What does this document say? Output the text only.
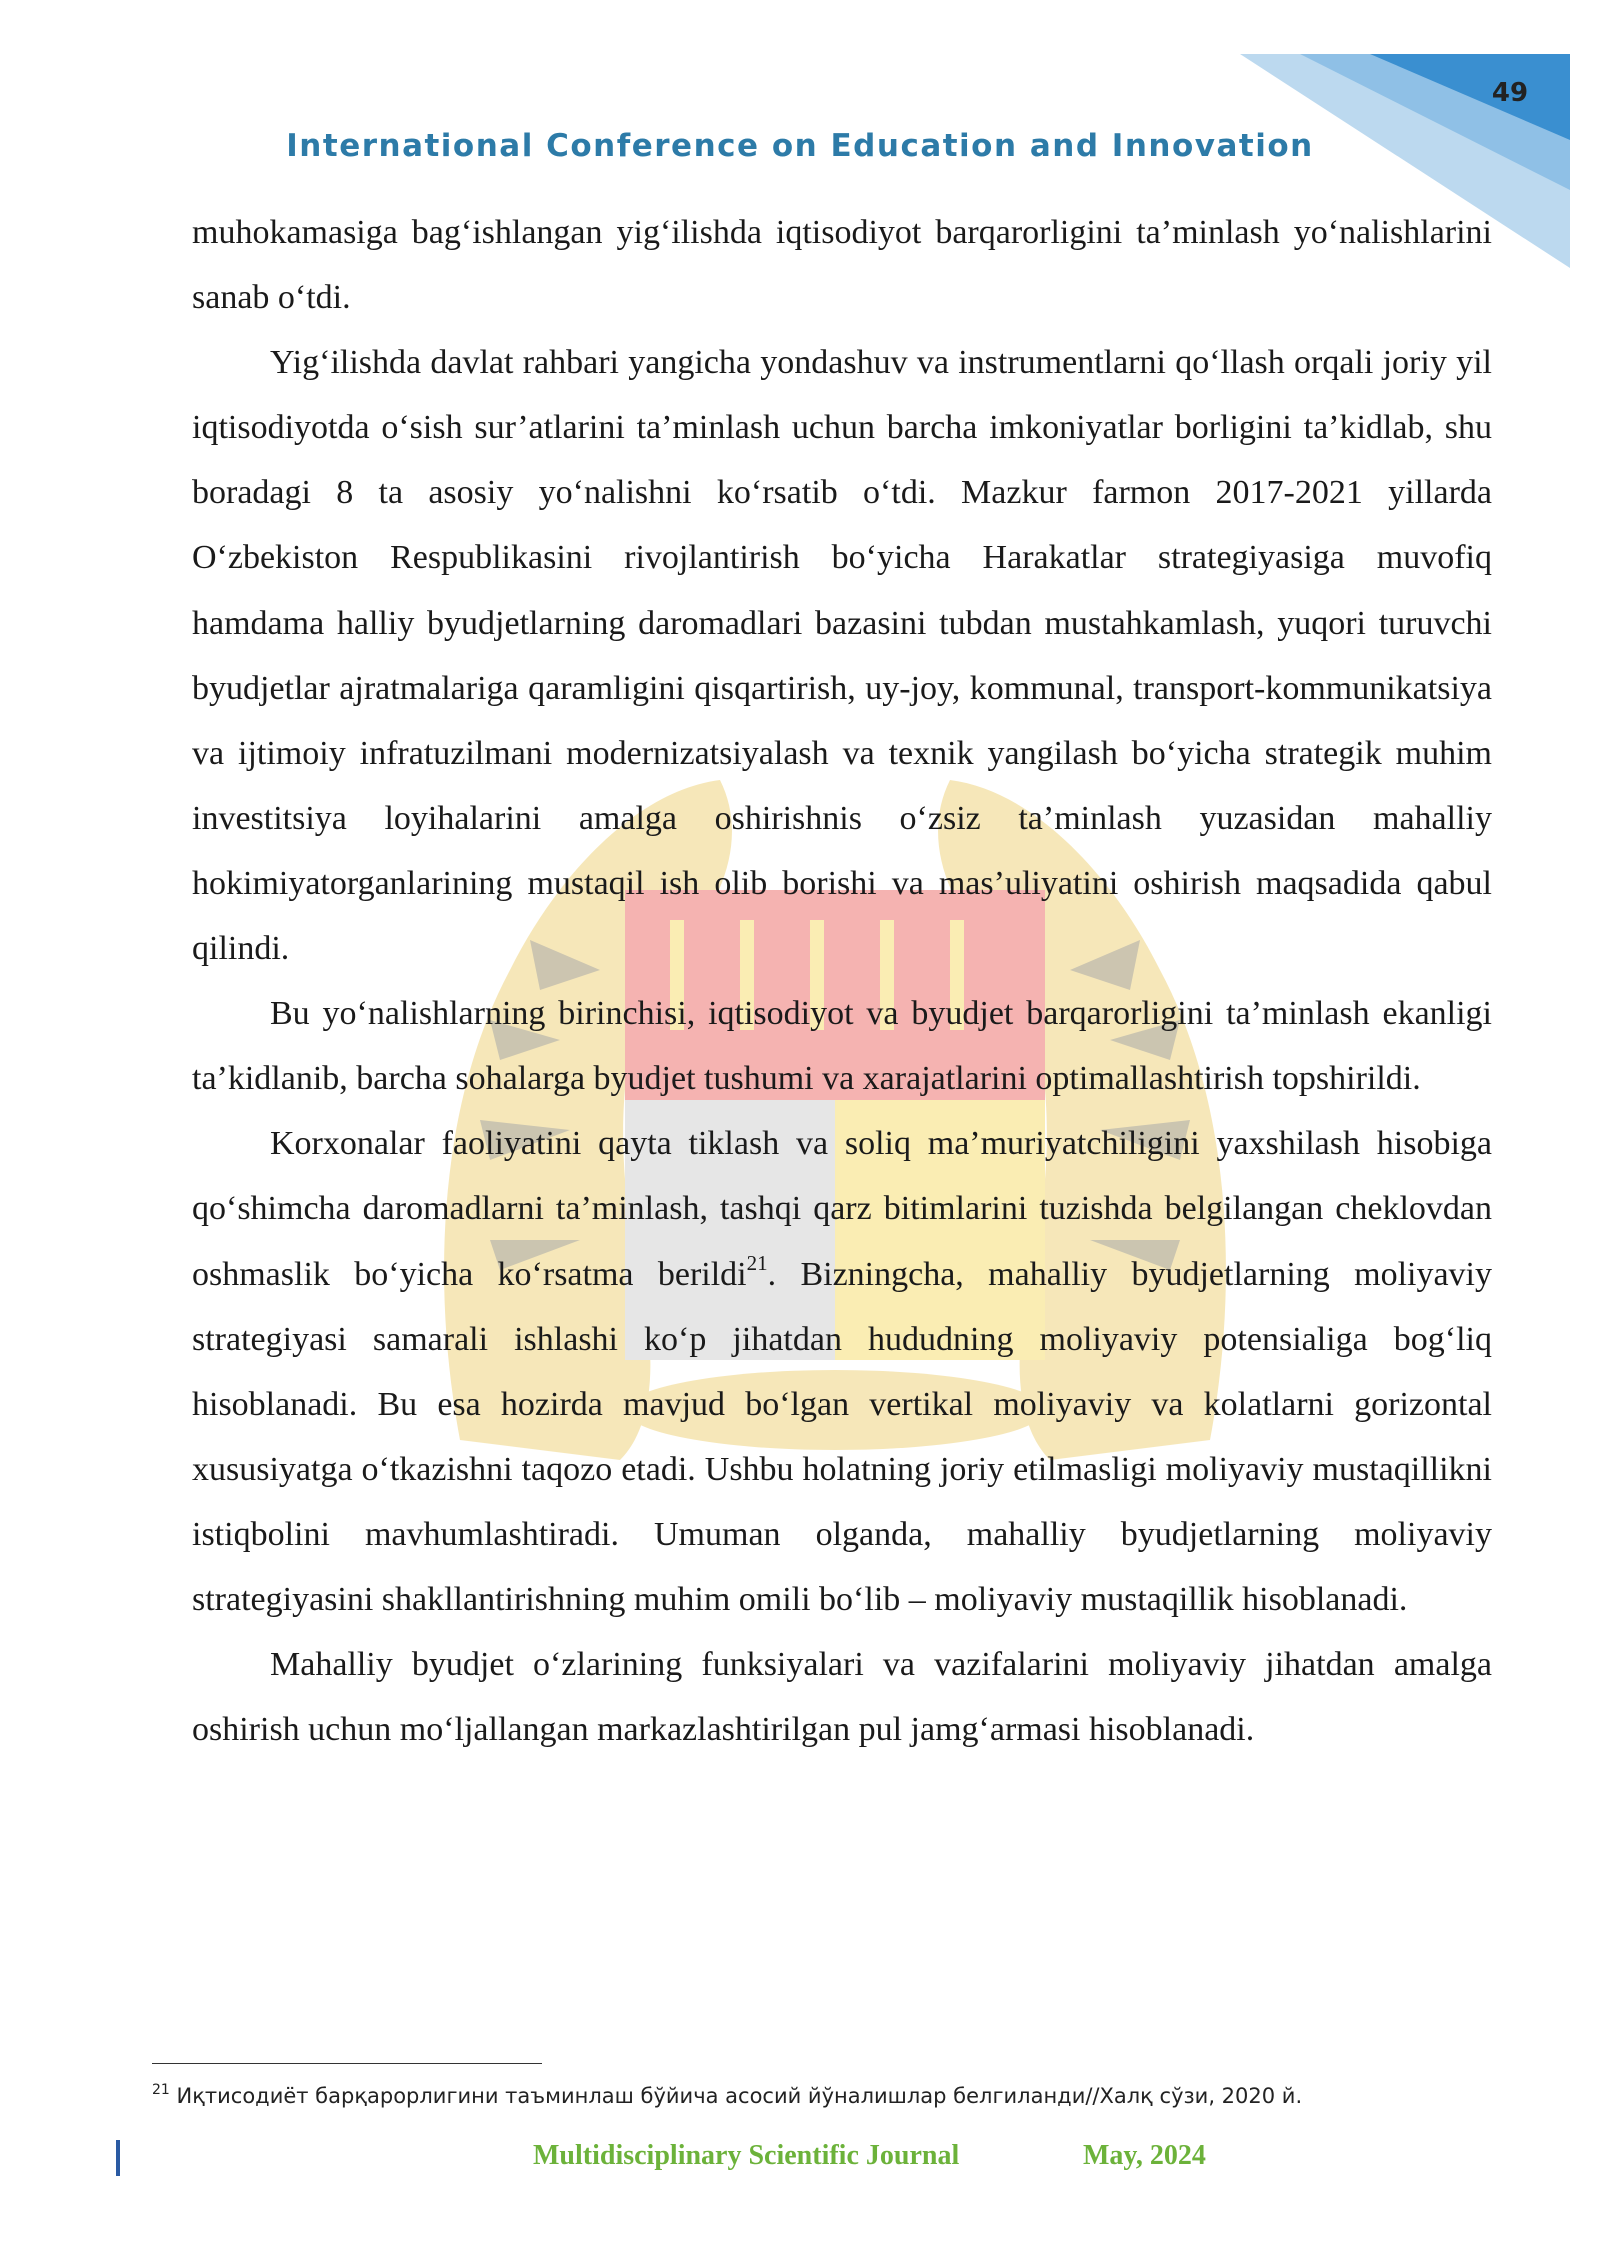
49
International Conference on Education and Innovation

muhokamasiga bag‘ishlangan yig‘ilishda iqtisodiyot barqarorligini ta’minlash yo‘nalishlarini sanab o‘tdi.

Yig‘ilishda davlat rahbari yangicha yondashuv va instrumentlarni qo‘llash orqali joriy yil iqtisodiyotda o‘sish sur’atlarini ta’minlash uchun barcha imkoniyatlar borligini ta’kidlab, shu boradagi 8 ta asosiy yo‘nalishni ko‘rsatib o‘tdi. Mazkur farmon 2017-2021 yillarda O‘zbekiston Respublikasini rivojlantirish bo‘yicha Harakatlar strategiyasiga muvofiq hamdama halliy byudjetlarning daromadlari bazasini tubdan mustahkamlash, yuqori turuvchi byudjetlar ajratmalariga qaramligini qisqartirish, uy-joy, kommunal, transport-kommunikatsiya va ijtimoiy infratuzilmani modernizatsiyalash va texnik yangilash bo‘yicha strategik muhim investitsiya loyihalarini amalga oshirishnis o‘zsiz ta’minlash yuzasidan mahalliy hokimiyatorganlarining mustaqil ish olib borishi va mas’uliyatini oshirish maqsadida qabul qilindi.

Bu yo‘nalishlarning birinchisi, iqtisodiyot va byudjet barqarorligini ta’minlash ekanligi ta’kidlanib, barcha sohalarga byudjet tushumi va xarajatlarini optimallashtirish topshirildi.

Korxonalar faoliyatini qayta tiklash va soliq ma’muriyatchiligini yaxshilash hisobiga qo‘shimcha daromadlarni ta’minlash, tashqi qarz bitimlarini tuzishda belgilangan cheklovdan oshmaslik bo‘yicha ko‘rsatma berildi$^{21}$. Bizningcha, mahalliy byudjetlarning moliyaviy strategiyasi samarali ishlashi ko‘p jihatdan hududning moliyaviy potensialiga bog‘liq hisoblanadi. Bu esa hozirda mavjud bo‘lgan vertikal moliyaviy va kolatlarni gorizontal xususiyatga o‘tkazishni taqozo etadi. Ushbu holatning joriy etilmasligi moliyaviy mustaqillikni istiqbolini mavhumlashtiradi. Umuman olganda, mahalliy byudjetlarning moliyaviy strategiyasini shakllantirishning muhim omili bo‘lib – moliyaviy mustaqillik hisoblanadi.

Mahalliy byudjet o‘zlarining funksiyalari va vazifalarini moliyaviy jihatdan amalga oshirish uchun mo‘ljallangan markazlashtirilgan pul jamg‘armasi hisoblanadi.

$^{21}$ Иқтисодиёт барқарорлигини таъминлаш бўйича асосий йўналишлар белгиланди//Халқ сўзи, 2020 й.
Multidisciplinary Scientific Journal	May, 2024
